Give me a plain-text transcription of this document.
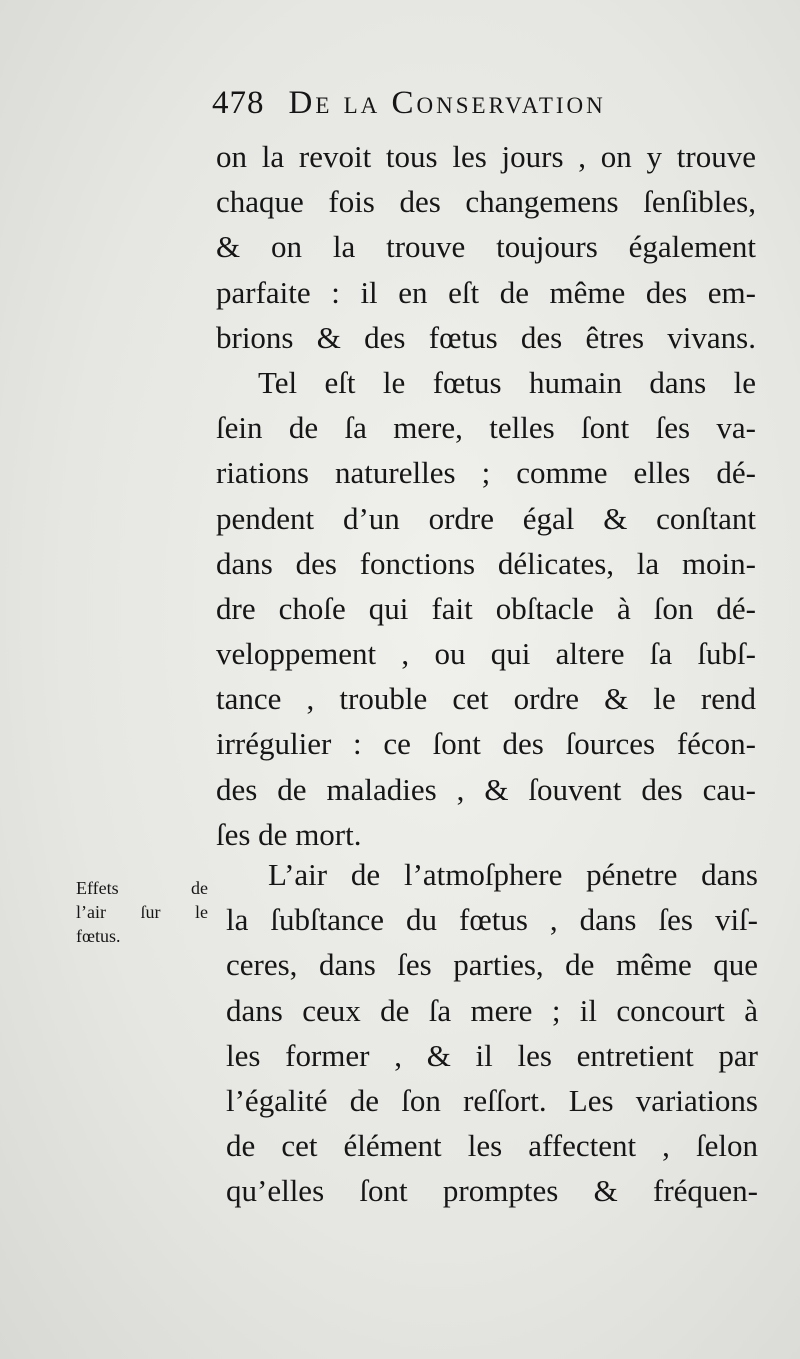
478 De la Conservation
on la revoit tous les jours , on y trouve
chaque fois des changemens ſenſibles,
& on la trouve toujours également
parfaite : il en eſt de même des em-
brions & des fœtus des êtres vivans.
Tel eſt le fœtus humain dans le
ſein de ſa mere, telles ſont ſes va-
riations naturelles ; comme elles dé-
pendent d’un ordre égal & conſtant
dans des fonctions délicates, la moin-
dre choſe qui fait obſtacle à ſon dé-
veloppement , ou qui altere ſa ſubſ-
tance , trouble cet ordre & le rend
irrégulier : ce ſont des ſources fécon-
des de maladies , & ſouvent des cau-
ſes de mort.
Effets de
l’air ſur le
fœtus.
L’air de l’atmoſphere pénetre dans
la ſubſtance du fœtus , dans ſes viſ-
ceres, dans ſes parties, de même que
dans ceux de ſa mere ; il concourt à
les former , & il les entretient par
l’égalité de ſon reſſort. Les variations
de cet élément les affectent , ſelon
qu’elles ſont promptes & fréquen-
